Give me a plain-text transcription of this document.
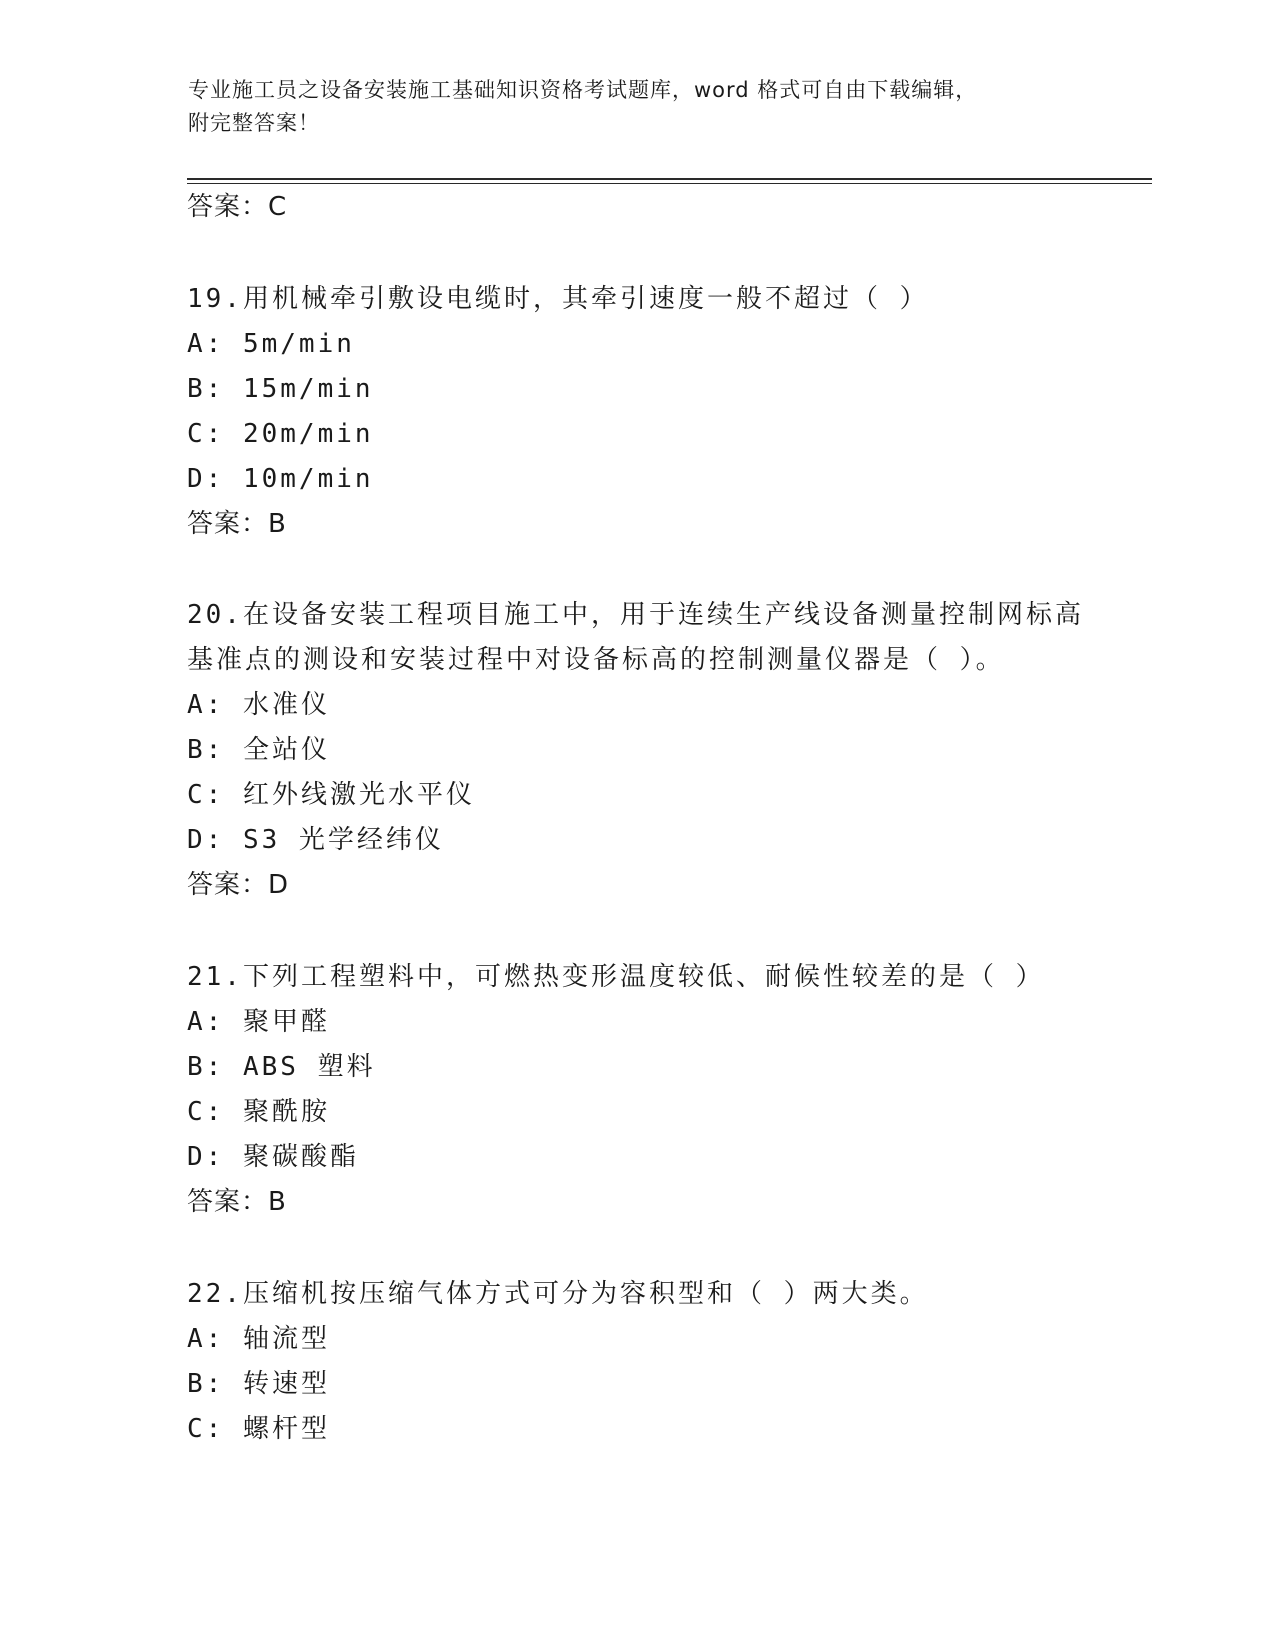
专业施工员之设备安装施工基础知识资格考试题库，word 格式可自由下载编辑，
附完整答案！
答案：C
19.用机械牵引敷设电缆时，其牵引速度一般不超过（ ）
A: 5m/min
B: 15m/min
C: 20m/min
D: 10m/min
答案：B
20.在设备安装工程项目施工中，用于连续生产线设备测量控制网标高
基准点的测设和安装过程中对设备标高的控制测量仪器是（ ）。
A: 水准仪
B: 全站仪
C: 红外线激光水平仪
D: S3 光学经纬仪
答案：D
21.下列工程塑料中，可燃热变形温度较低、耐候性较差的是（ ）
A: 聚甲醛
B: ABS 塑料
C: 聚酰胺
D: 聚碳酸酯
答案：B
22.压缩机按压缩气体方式可分为容积型和（ ）两大类。
A: 轴流型
B: 转速型
C: 螺杆型
